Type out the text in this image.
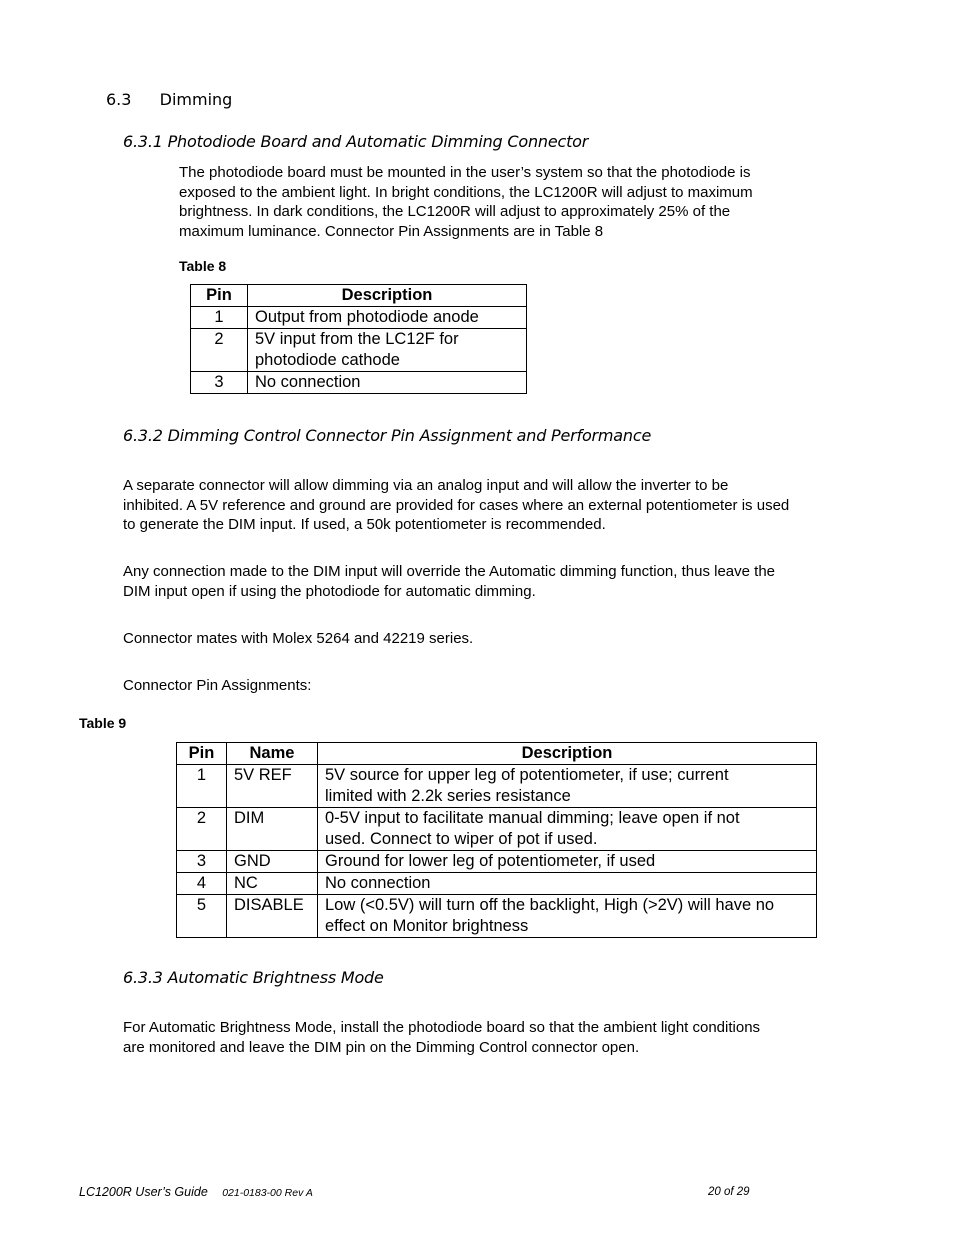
6.3 Dimming
6.3.1 Photodiode Board and Automatic Dimming Connector
The photodiode board must be mounted in the user’s system so that the photodiode is
exposed to the ambient light. In bright conditions, the LC1200R will adjust to maximum
brightness. In dark conditions, the LC1200R will adjust to approximately 25% of the
maximum luminance. Connector Pin Assignments are in Table 8
Table 8
Pin	Description
1	Output from photodiode anode

2	5V input from the LC12F for
photodiode cathode

3	No connection
6.3.2 Dimming Control Connector Pin Assignment and Performance
A separate connector will allow dimming via an analog input and will allow the inverter to be
inhibited. A 5V reference and ground are provided for cases where an external potentiometer is used
to generate the DIM input. If used, a 50k potentiometer is recommended.
Any connection made to the DIM input will override the Automatic dimming function, thus leave the
DIM input open if using the photodiode for automatic dimming.
Connector mates with Molex 5264 and 42219 series.
Connector Pin Assignments:
Table 9
Pin	Name	Description
1	5V REF	5V source for upper leg of potentiometer, if use; current
limited with 2.2k series resistance

2	DIM	0-5V input to facilitate manual dimming; leave open if not
used. Connect to wiper of pot if used.

3	GND	Ground for lower leg of potentiometer, if used

4	NC	No connection

5	DISABLE	Low (<0.5V) will turn off the backlight, High (>2V) will have no
effect on Monitor brightness
6.3.3 Automatic Brightness Mode
For Automatic Brightness Mode, install the photodiode board so that the ambient light conditions
are monitored and leave the DIM pin on the Dimming Control connector open.
LC1200R User’s Guide 021-0183-00 Rev A	20 of 29
